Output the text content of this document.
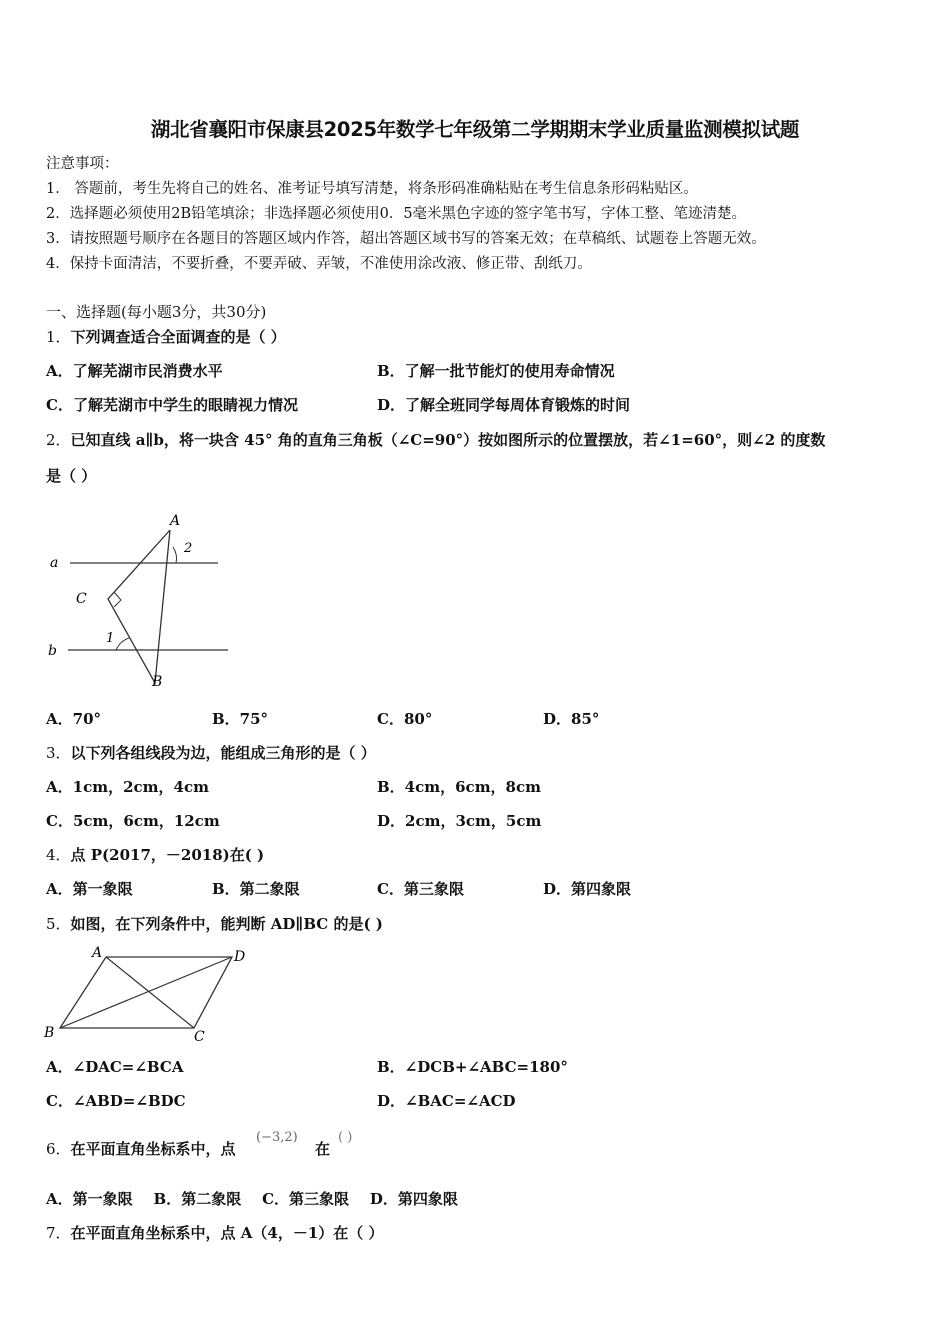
湖北省襄阳市保康县2025年数学七年级第二学期期末学业质量监测模拟试题
注意事项：
1． 答题前，考生先将自己的姓名、准考证号填写清楚，将条形码准确粘贴在考生信息条形码粘贴区。
2．选择题必须使用2B铅笔填涂；非选择题必须使用0．5毫米黑色字迹的签字笔书写，字体工整、笔迹清楚。
3．请按照题号顺序在各题目的答题区域内作答，超出答题区域书写的答案无效；在草稿纸、试题卷上答题无效。
4．保持卡面清洁，不要折叠，不要弄破、弄皱，不准使用涂改液、修正带、刮纸刀。
一、选择题(每小题3分，共30分)
1．下列调查适合全面调查的是（ ）
A．了解芜湖市民消费水平	B．了解一批节能灯的使用寿命情况
C．了解芜湖市中学生的眼睛视力情况	D．了解全班同学每周体育锻炼的时间
2．已知直线 a∥b，将一块含 45° 角的直角三角板（∠C=90°）按如图所示的位置摆放，若∠1=60°，则∠2 的度数
是（ ）
A
a
C
2
1
b
B
A．70°	B．75°	C．80°	D．85°
3．以下列各组线段为边，能组成三角形的是（ ）
A．1cm，2cm，4cm	B．4cm，6cm，8cm
C．5cm，6cm，12cm	D．2cm，3cm，5cm
4．点 P(2017，－2018)在( )
A．第一象限	B．第二象限	C．第三象限	D．第四象限
5．如图，在下列条件中，能判断 AD∥BC 的是( )
A	D
B	C
A．∠DAC=∠BCA	B．∠DCB+∠ABC=180°
C．∠ABD=∠BDC	D．∠BAC=∠ACD
6．在平面直角坐标系中，点
(−3,2)
在
( )
A．第一象限    B．第二象限    C．第三象限    D．第四象限
7．在平面直角坐标系中，点 A（4，－1）在（ ）
